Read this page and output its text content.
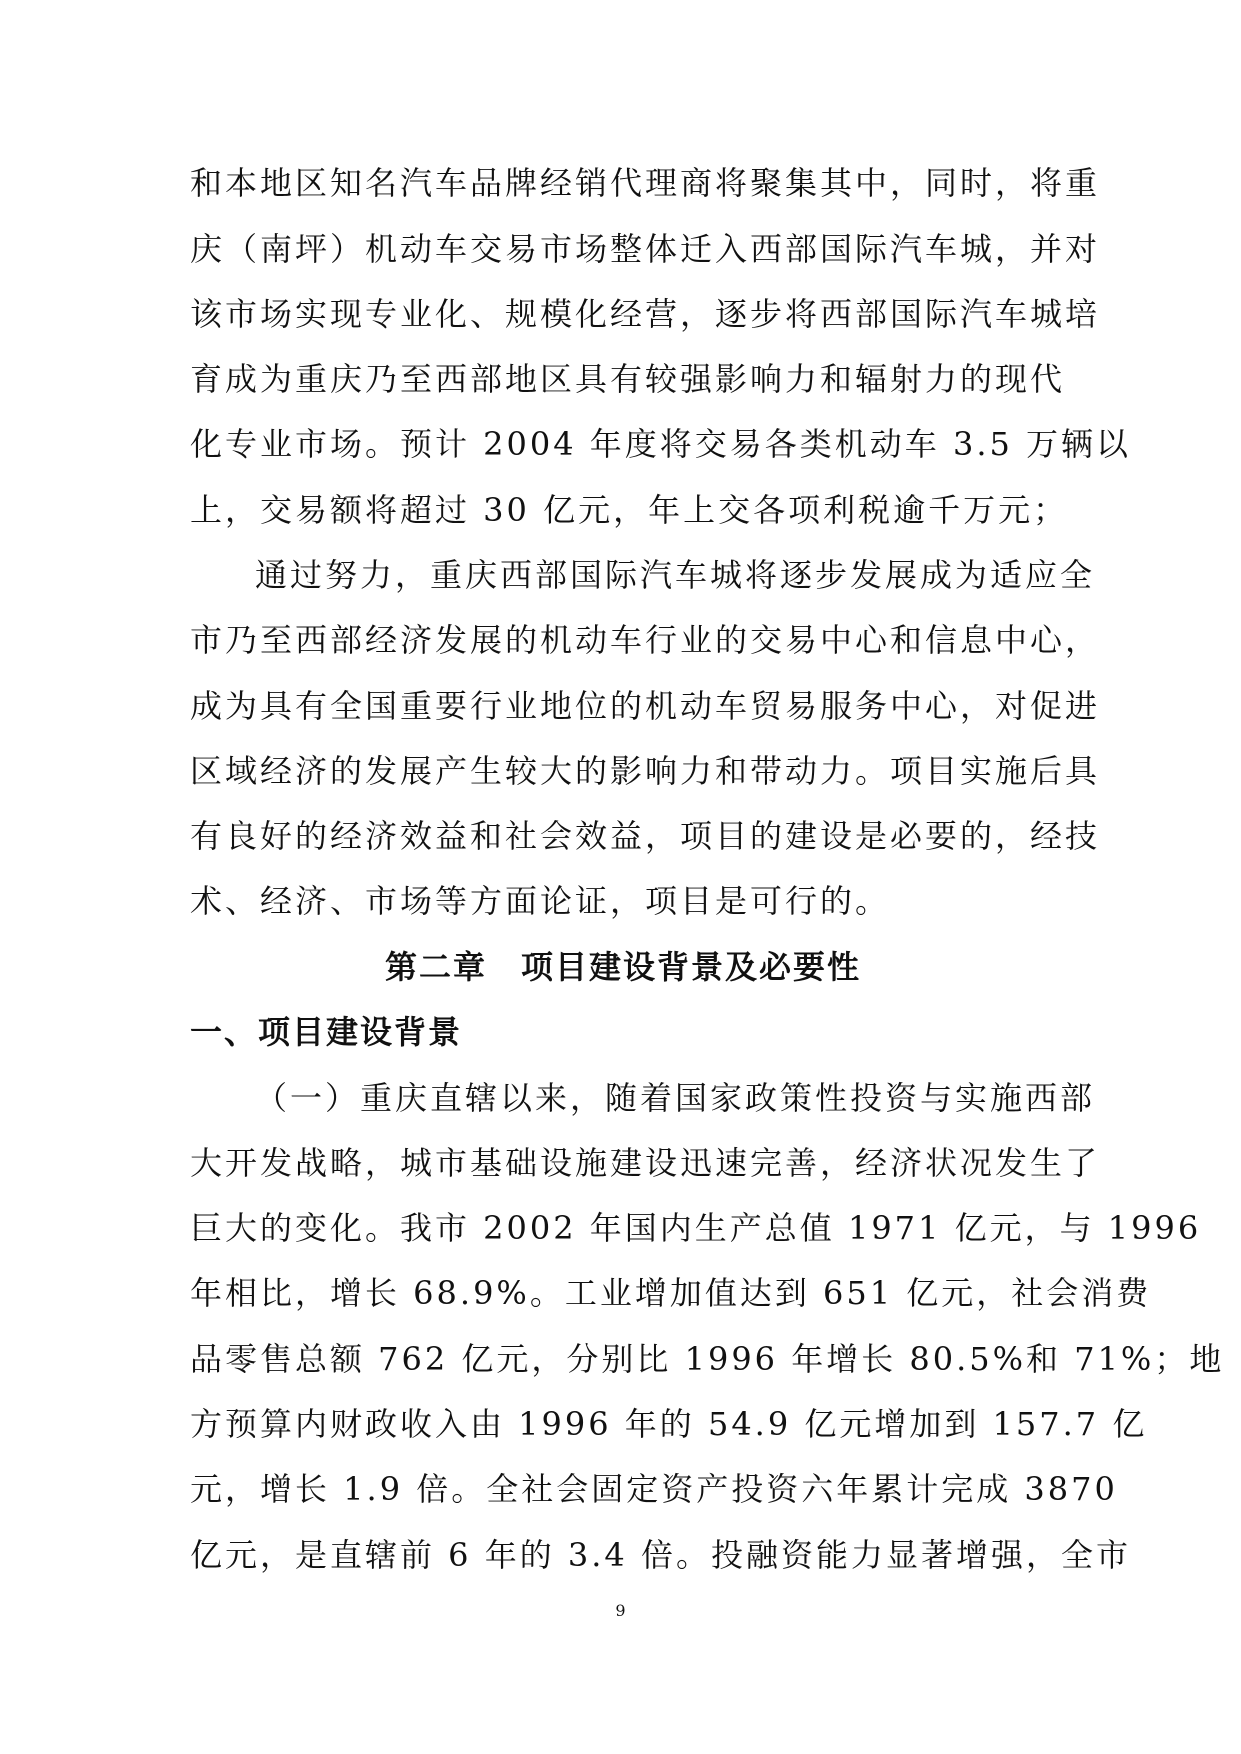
和本地区知名汽车品牌经销代理商将聚集其中，同时，将重
庆（南坪）机动车交易市场整体迁入西部国际汽车城，并对
该市场实现专业化、规模化经营，逐步将西部国际汽车城培
育成为重庆乃至西部地区具有较强影响力和辐射力的现代
化专业市场。预计 2004 年度将交易各类机动车 3.5 万辆以
上，交易额将超过 30 亿元，年上交各项利税逾千万元；
通过努力，重庆西部国际汽车城将逐步发展成为适应全
市乃至西部经济发展的机动车行业的交易中心和信息中心，
成为具有全国重要行业地位的机动车贸易服务中心，对促进
区域经济的发展产生较大的影响力和带动力。项目实施后具
有良好的经济效益和社会效益，项目的建设是必要的，经技
术、经济、市场等方面论证，项目是可行的。
第二章　项目建设背景及必要性
一、项目建设背景
（一）重庆直辖以来，随着国家政策性投资与实施西部
大开发战略，城市基础设施建设迅速完善，经济状况发生了
巨大的变化。我市 2002 年国内生产总值 1971 亿元，与 1996
年相比，增长 68.9%。工业增加值达到 651 亿元，社会消费
品零售总额 762 亿元，分别比 1996 年增长 80.5%和 71%；地
方预算内财政收入由 1996 年的 54.9 亿元增加到 157.7 亿
元，增长 1.9 倍。全社会固定资产投资六年累计完成 3870
亿元，是直辖前 6 年的 3.4 倍。投融资能力显著增强，全市
9
